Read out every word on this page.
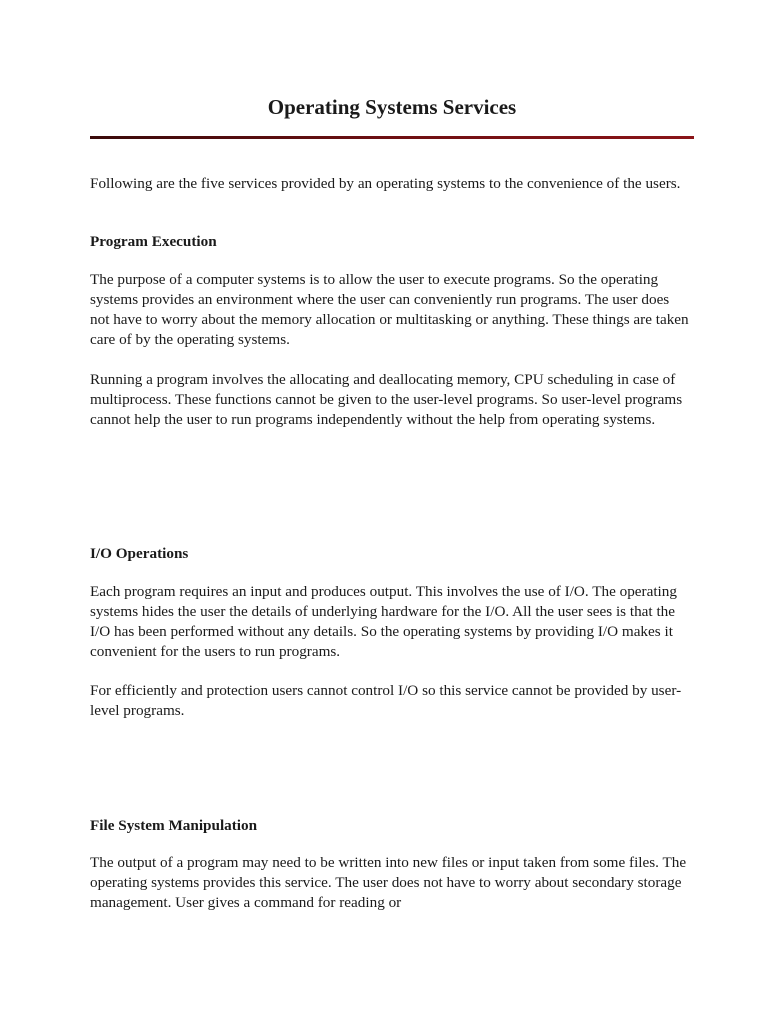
Operating Systems Services

Following are the five services provided by an operating systems to the convenience of the users.

Program Execution

The purpose of a computer systems is to allow the user to execute programs. So the operating systems provides an environment where the user can conveniently run programs. The user does not have to worry about the memory allocation or multitasking or anything. These things are taken care of by the operating systems.

Running a program involves the allocating and deallocating memory, CPU scheduling in case of multiprocess. These functions cannot be given to the user-level programs. So user-level programs cannot help the user to run programs independently without the help from operating systems.

I/O Operations

Each program requires an input and produces output. This involves the use of I/O. The operating systems hides the user the details of underlying hardware for the I/O. All the user sees is that the I/O has been performed without any details. So the operating systems by providing I/O makes it convenient for the users to run programs.

For efficiently and protection users cannot control I/O so this service cannot be provided by user-level programs.

File System Manipulation

The output of a program may need to be written into new files or input taken from some files. The operating systems provides this service. The user does not have to worry about secondary storage management. User gives a command for reading or
